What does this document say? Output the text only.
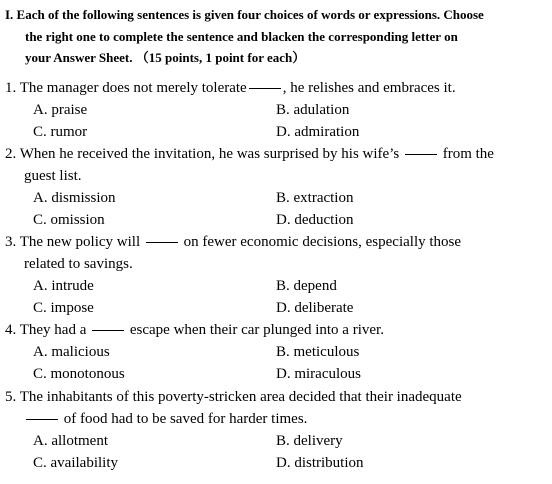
I. Each of the following sentences is given four choices of words or expressions. Choose
the right one to complete the sentence and blacken the corresponding letter on
your Answer Sheet. （15 points, 1 point for each）
1. The manager does not merely tolerate , he relishes and embraces it.
A. praise	B. adulation
C. rumor	D. admiration
2. When he received the invitation, he was surprised by his wife’s	from the
guest list.
A. dismission	B. extraction
C. omission	D. deduction
3. The new policy will	on fewer economic decisions, especially those
related to savings.
A. intrude	B. depend
C. impose	D. deliberate
4. They had a	escape when their car plunged into a river.
A. malicious	B. meticulous
C. monotonous	D. miraculous
5. The inhabitants of this poverty-stricken area decided that their inadequate
of food had to be saved for harder times.
A. allotment	B. delivery
C. availability	D. distribution
